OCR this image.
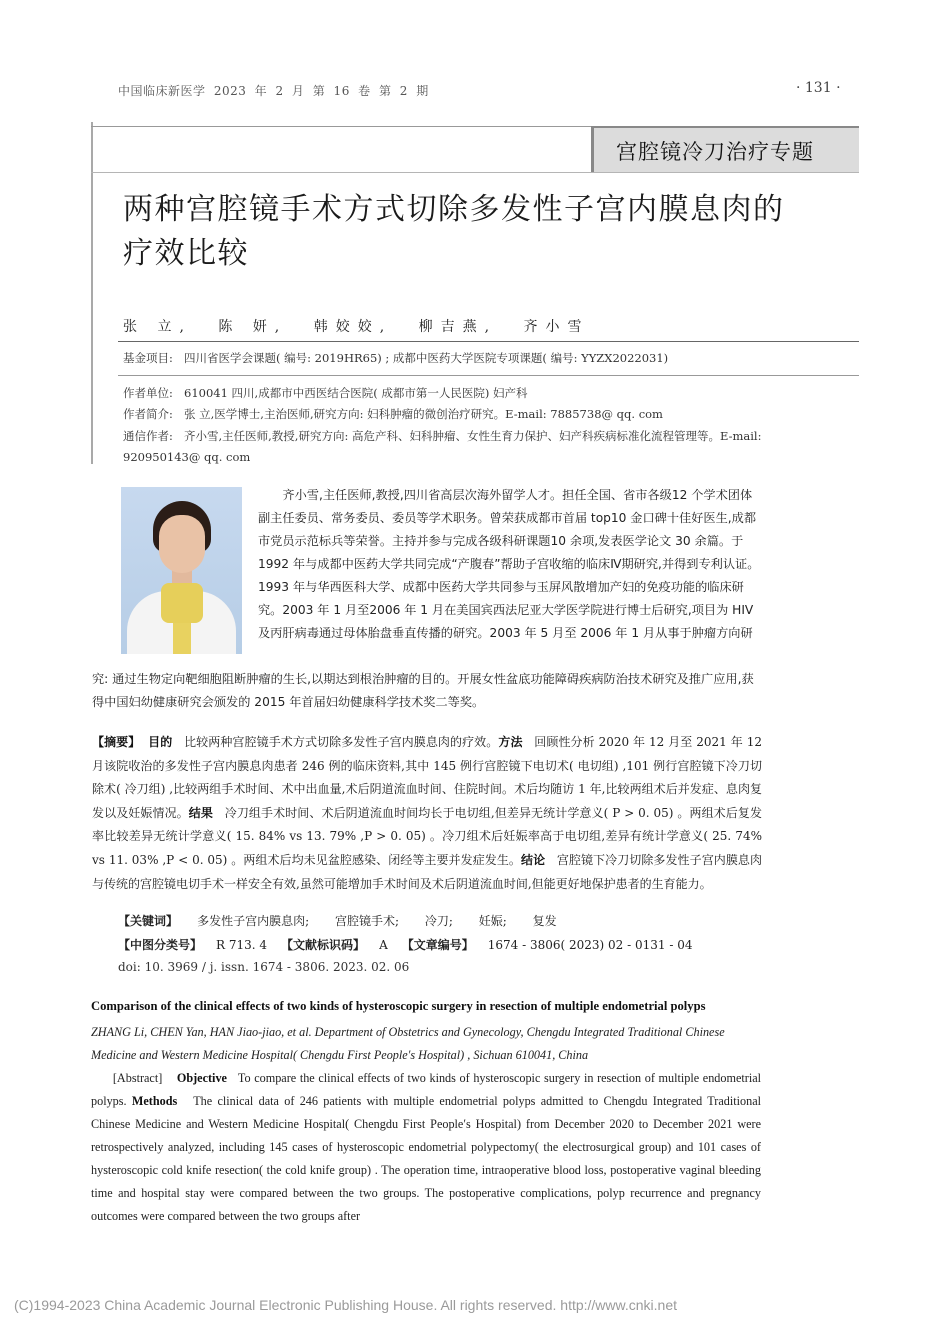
中国临床新医学 2023 年 2 月 第 16 卷 第 2 期	· 131 ·
宫腔镜冷刀治疗专题
两种宫腔镜手术方式切除多发性子宫内膜息肉的
疗效比较
张 立, 陈 妍, 韩姣姣, 柳吉燕, 齐小雪
基金项目: 四川省医学会课题( 编号: 2019HR65) ; 成都中医药大学医院专项课题( 编号: YYZX2022031)
作者单位: 610041 四川,成都市中西医结合医院( 成都市第一人民医院) 妇产科
作者简介: 张 立,医学博士,主治医师,研究方向: 妇科肿瘤的微创治疗研究。E-mail: 7885738@ qq. com
通信作者: 齐小雪,主任医师,教授,研究方向: 高危产科、妇科肿瘤、女性生育力保护、妇产科疾病标准化流程管理等。E-mail:
920950143@ qq. com
齐小雪,主任医师,教授,四川省高层次海外留学人才。担任全国、省市各级12 个学术团体副主任委员、常务委员、委员等学术职务。曾荣获成都市首届 top10 金口碑十佳好医生,成都市党员示范标兵等荣誉。主持并参与完成各级科研课题10 余项,发表医学论文 30 余篇。于 1992 年与成都中医药大学共同完成“产腹春”帮助子宫收缩的临床Ⅳ期研究,并得到专利认证。1993 年与华西医科大学、成都中医药大学共同参与玉屏风散增加产妇的免疫功能的临床研究。2003 年 1 月至2006 年 1 月在美国宾西法尼亚大学医学院进行博士后研究,项目为 HIV 及丙肝病毒通过母体胎盘垂直传播的研究。2003 年 5 月至 2006 年 1 月从事于肿瘤方向研
究: 通过生物定向靶细胞阻断肿瘤的生长,以期达到根治肿瘤的目的。开展女性盆底功能障碍疾病防治技术研究及推广应用,获得中国妇幼健康研究会颁发的 2015 年首届妇幼健康科学技术奖二等奖。
【摘要】 目的 比较两种宫腔镜手术方式切除多发性子宫内膜息肉的疗效。方法 回顾性分析 2020 年 12 月至 2021 年 12 月该院收治的多发性子宫内膜息肉患者 246 例的临床资料,其中 145 例行宫腔镜下电切术( 电切组) ,101 例行宫腔镜下冷刀切除术( 冷刀组) ,比较两组手术时间、术中出血量,术后阴道流血时间、住院时间。术后均随访 1 年,比较两组术后并发症、息肉复发以及妊娠情况。结果 冷刀组手术时间、术后阴道流血时间均长于电切组,但差异无统计学意义( P > 0. 05) 。两组术后复发率比较差异无统计学意义( 15. 84% vs 13. 79% ,P > 0. 05) 。冷刀组术后妊娠率高于电切组,差异有统计学意义( 25. 74% vs 11. 03% ,P < 0. 05) 。两组术后均未见盆腔感染、闭经等主要并发症发生。结论 宫腔镜下冷刀切除多发性子宫内膜息肉与传统的宫腔镜电切手术一样安全有效,虽然可能增加手术时间及术后阴道流血时间,但能更好地保护患者的生育能力。
【关键词】 多发性子宫内膜息肉; 宫腔镜手术; 冷刀; 妊娠; 复发
【中图分类号】 R 713. 4 【文献标识码】 A 【文章编号】 1674 - 3806( 2023) 02 - 0131 - 04
doi: 10. 3969 / j. issn. 1674 - 3806. 2023. 02. 06
Comparison of the clinical effects of two kinds of hysteroscopic surgery in resection of multiple endometrial polyps
ZHANG Li, CHEN Yan, HAN Jiao-jiao, et al. Department of Obstetrics and Gynecology, Chengdu Integrated Traditional Chinese Medicine and Western Medicine Hospital( Chengdu First People′s Hospital) , Sichuan 610041, China
[Abstract] Objective To compare the clinical effects of two kinds of hysteroscopic surgery in resection of multiple endometrial polyps. Methods The clinical data of 246 patients with multiple endometrial polyps admitted to Chengdu Integrated Traditional Chinese Medicine and Western Medicine Hospital( Chengdu First People′s Hospital) from December 2020 to December 2021 were retrospectively analyzed, including 145 cases of hysteroscopic endometrial polypectomy( the electrosurgical group) and 101 cases of hysteroscopic cold knife resection( the cold knife group) . The operation time, intraoperative blood loss, postoperative vaginal bleeding time and hospital stay were compared between the two groups. The postoperative complications, polyp recurrence and pregnancy outcomes were compared between the two groups after
(C)1994-2023 China Academic Journal Electronic Publishing House. All rights reserved. http://www.cnki.net
